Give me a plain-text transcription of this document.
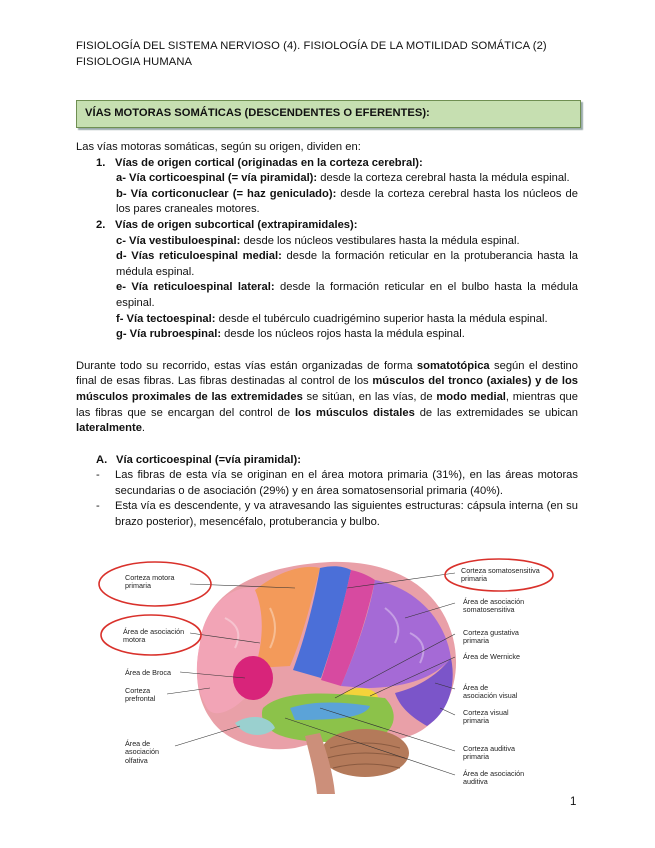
FISIOLOGÍA DEL SISTEMA NERVIOSO (4). FISIOLOGÍA DE LA MOTILIDAD SOMÁTICA (2)
FISIOLOGIA HUMANA
VÍAS MOTORAS SOMÁTICAS (DESCENDENTES O EFERENTES):

Las vías motoras somáticas, según su origen, dividen en:

1. Vías de origen cortical (originadas en la corteza cerebral):

a- Vía corticoespinal (= vía piramidal): desde la corteza cerebral hasta la médula espinal.

b- Vía corticonuclear (= haz geniculado): desde la corteza cerebral hasta los núcleos de los pares craneales motores.

2. Vías de origen subcortical (extrapiramidales):

c- Vía vestibuloespinal: desde los núcleos vestibulares hasta la médula espinal.

d- Vías reticuloespinal medial: desde la formación reticular en la protuberancia hasta la médula espinal.

e- Vía reticuloespinal lateral: desde la formación reticular en el bulbo hasta la médula espinal.

f- Vía tectoespinal: desde el tubérculo cuadrigémino superior hasta la médula espinal.

g- Vía rubroespinal: desde los núcleos rojos hasta la médula espinal.

Durante todo su recorrido, estas vías están organizadas de forma somatotópica según el destino final de esas fibras. Las fibras destinadas al control de los músculos del tronco (axiales) y de los músculos proximales de las extremidades se sitúan, en las vías, de modo medial, mientras que las fibras que se encargan del control de los músculos distales de las extremidades se ubican lateralmente.

A. Vía corticoespinal (=vía piramidal):

- Las fibras de esta vía se originan en el área motora primaria (31%), en las áreas motoras secundarias o de asociación (29%) y en área somatosensorial primaria (40%).

- Esta vía es descendente, y va atravesando las siguientes estructuras: cápsula interna (en su brazo posterior), mesencéfalo, protuberancia y bulbo.

Corteza motora primaria
Área de asociación motora
Área de Broca
Corteza prefrontal
Área de asociación olfativa
Corteza somatosensitiva primaria
Área de asociación somatosensitiva
Corteza gustativa primaria
Área de Wernicke
Área de asociación visual
Corteza visual primaria
Corteza auditiva primaria
Área de asociación auditiva
1
